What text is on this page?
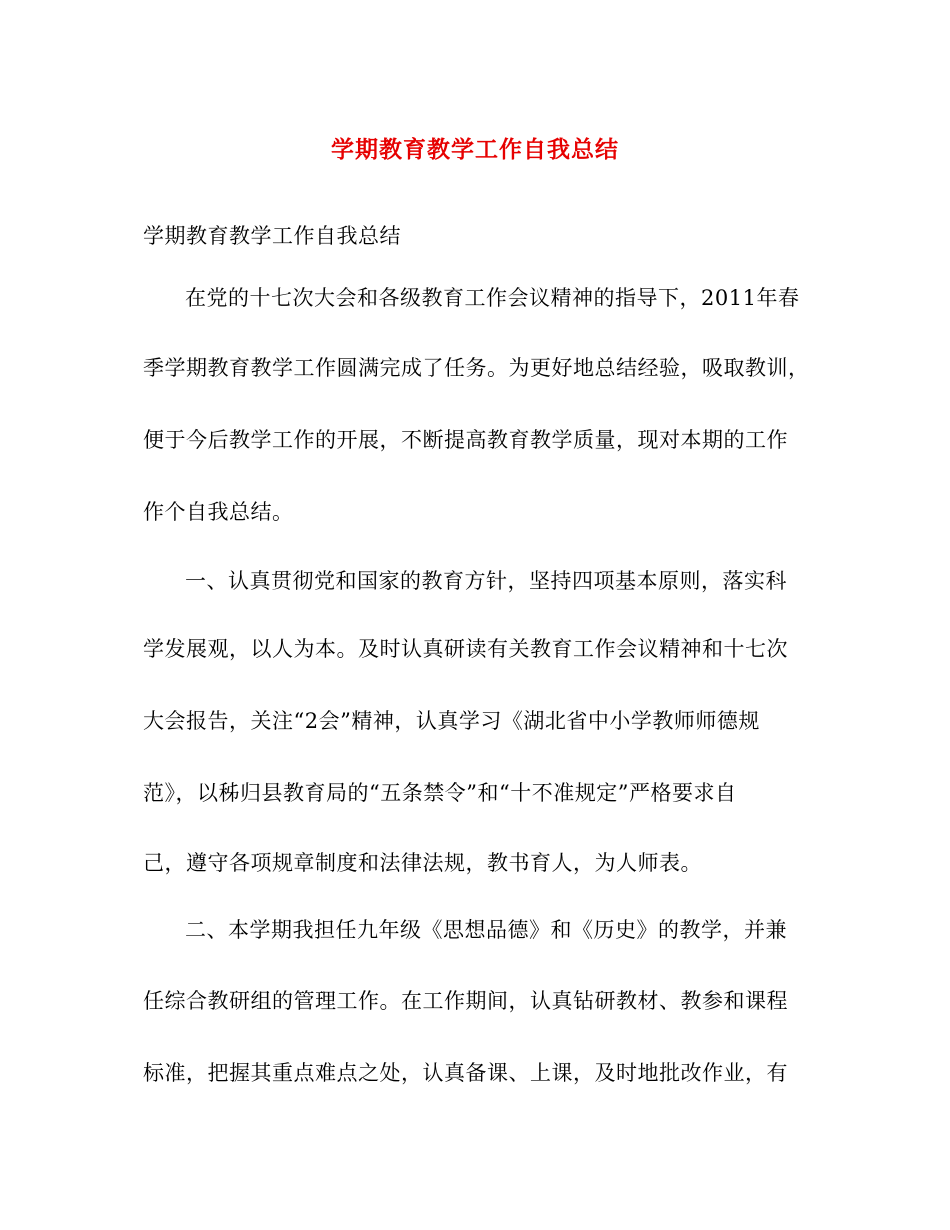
学期教育教学工作自我总结
学期教育教学工作自我总结
在党的十七次大会和各级教育工作会议精神的指导下，2011年春
季学期教育教学工作圆满完成了任务。为更好地总结经验，吸取教训，
便于今后教学工作的开展，不断提高教育教学质量，现对本期的工作
作个自我总结。
一、认真贯彻党和国家的教育方针，坚持四项基本原则，落实科
学发展观，以人为本。及时认真研读有关教育工作会议精神和十七次
大会报告，关注“2会”精神，认真学习《湖北省中小学教师师德规
范》，以秭归县教育局的“五条禁令”和“十不准规定”严格要求自
己，遵守各项规章制度和法律法规，教书育人，为人师表。
二、本学期我担任九年级《思想品德》和《历史》的教学，并兼
任综合教研组的管理工作。在工作期间，认真钻研教材、教参和课程
标准，把握其重点难点之处，认真备课、上课，及时地批改作业，有
